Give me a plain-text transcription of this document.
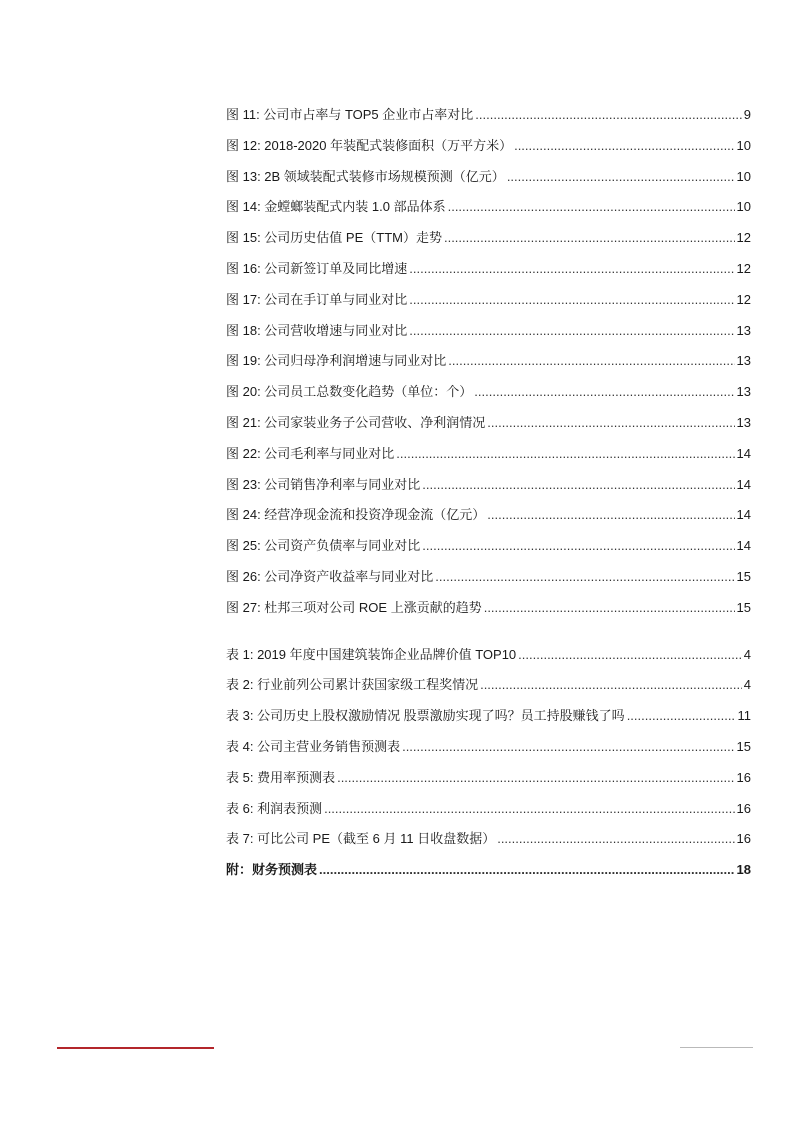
图 11: 公司市占率与 TOP5 企业市占率对比 .....	9
图 12: 2018-2020 年装配式装修面积（万平方米） .....	10
图 13: 2B 领域装配式装修市场规模预测（亿元） .....	10
图 14: 金螳螂装配式内装 1.0 部品体系 .....	10
图 15: 公司历史估值 PE（TTM）走势 .....	12
图 16: 公司新签订单及同比增速 .....	12
图 17: 公司在手订单与同业对比 .....	12
图 18: 公司营收增速与同业对比 .....	13
图 19: 公司归母净利润增速与同业对比 .....	13
图 20: 公司员工总数变化趋势（单位：个） .....	13
图 21: 公司家装业务子公司营收、净利润情况 .....	13
图 22: 公司毛利率与同业对比 .....	14
图 23: 公司销售净利率与同业对比 .....	14
图 24: 经营净现金流和投资净现金流（亿元） .....	14
图 25: 公司资产负债率与同业对比 .....	14
图 26: 公司净资产收益率与同业对比 .....	15
图 27: 杜邦三项对公司 ROE 上涨贡献的趋势 .....	15
表 1: 2019 年度中国建筑装饰企业品牌价值 TOP10 .....	4
表 2: 行业前列公司累计获国家级工程奖情况 .....	4
表 3: 公司历史上股权激励情况 股票激励实现了吗？员工持股赚钱了吗 .....	11
表 4: 公司主营业务销售预测表 .....	15
表 5: 费用率预测表 .....	16
表 6: 利润表预测 .....	16
表 7: 可比公司 PE（截至 6 月 11 日收盘数据） .....	16
附：财务预测表 .....	18
